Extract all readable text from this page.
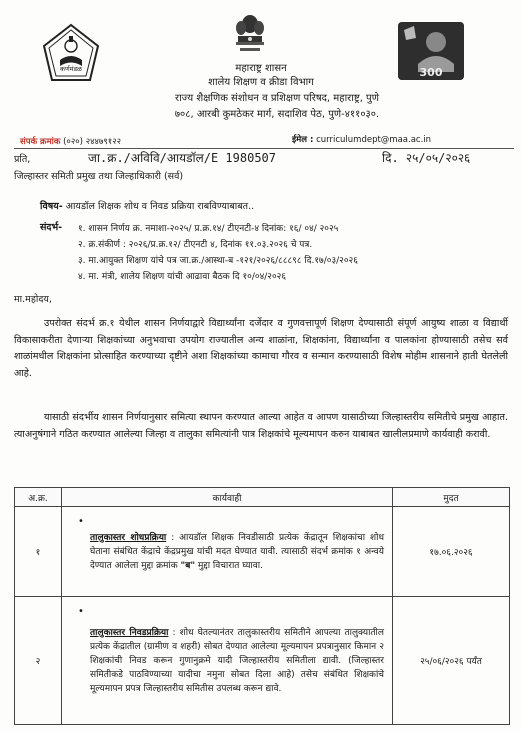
कर्णमंडळ	300
महाराष्ट्र शासन
शालेय शिक्षण व क्रीडा विभाग
राज्य शैक्षणिक संशोधन व प्रशिक्षण परिषद, महाराष्ट्र, पुणे
७०८, आरबी कुमठेकर मार्ग, सदाशिव पेठ, पुणे-४११०३०.
संपर्क क्रमांक (०२०) २४४७९१२२	ईमेल : curriculumdept@maa.ac.in
प्रति,	जा.क्र./अविवि/आयडॉल/E 1980507	दि. २५/०५/२०२६
जिल्हास्तर समिती प्रमुख तथा जिल्हाधिकारी (सर्व)
विषय- आयडॉल शिक्षक शोध व निवड प्रक्रिया राबविण्याबाबत..
संदर्भ- १. शासन निर्णय क्र. नमाशा-२०२५/ प्र.क्र.१४/ टीएनटी-४ दिनांक: १६/ ०४/ २०२५
२. क्र.संकीर्ण : २०२६/प्र.क्र.१२/ टीएनटी ४, दिनांक ११.०३.२०२६ चे पत्र.
३. मा.आयुक्त शिक्षण यांचे पत्र जा.क्र./आस्था-ब -१२१/२०२६/८८८९८ दि.१७/०३/२०२६
४. मा. मंत्री, शालेय शिक्षण यांची आढावा बैठक दि १०/०४/२०२६
मा.महोदय,
उपरोक्त संदर्भ क्र.१ येथील शासन निर्णयाद्वारे विद्यार्थ्यांना दर्जेदार व गुणवत्तापूर्ण शिक्षण देण्यासाठी संपूर्ण आयुष्य शाळा व विद्यार्थी विकासाकरीता देणाऱ्या शिक्षकांच्या अनुभवाचा उपयोग राज्यातील अन्य शाळांना, शिक्षकांना, विद्यार्थ्यांना व पालकांना होण्यासाठी तसेच सर्व शाळांमधील शिक्षकांना प्रोत्साहित करण्याच्या दृष्टीने अशा शिक्षकांच्या कामाचा गौरव व सन्मान करण्यासाठी विशेष मोहीम शासनाने हाती घेतलेली आहे.
यासाठी संदर्भीय शासन निर्णयानुसार समित्या स्थापन करण्यात आल्या आहेत व आपण यासाठीच्या जिल्हास्तरीय समितीचे प्रमुख आहात. त्याअनुषंगाने गठित करण्यात आलेल्या जिल्हा व तालुका समित्यांनी पात्र शिक्षकांचे मूल्यमापन करुन याबाबत खालीलप्रमाणे कार्यवाही करावी.
अ.क्र.	कार्यवाही	मुदत
१	•
तालुकास्तर शोधप्रक्रिया : आयडॉल शिक्षक निवडीसाठी प्रत्येक केंद्रातून शिक्षकांचा शोध घेताना संबंधित केंद्राचे केंद्रप्रमुख यांची मदत घेण्यात यावी. त्यासाठी संदर्भ क्रमांक १ अन्वये देण्यात आलेला मुद्दा क्रमांक "ब" मुद्दा विचारात घ्यावा.	१७.०६.२०२६
२	•
तालुकास्तर निवडप्रक्रिया : शोध घेतल्यानंतर तालुकास्तरीय समितीने आपल्या तालुक्यातील प्रत्येक केंद्रातील (ग्रामीण व शहरी) सोबत देण्यात आलेल्या मूल्यमापन प्रपत्रानुसार किमान २ शिक्षकांची निवड करून गुणानुक्रमे यादी जिल्हास्तरीय समितीला द्यावी. (जिल्हास्तर समितीकडे पाठविण्याच्या यादीचा नमुना सोबत दिला आहे) तसेच संबंधित शिक्षकांचे मूल्यमापन प्रपत्र जिल्हास्तरीय समितीस उपलब्ध करून द्यावे.	२५/०६/२०२६ पर्यंत
